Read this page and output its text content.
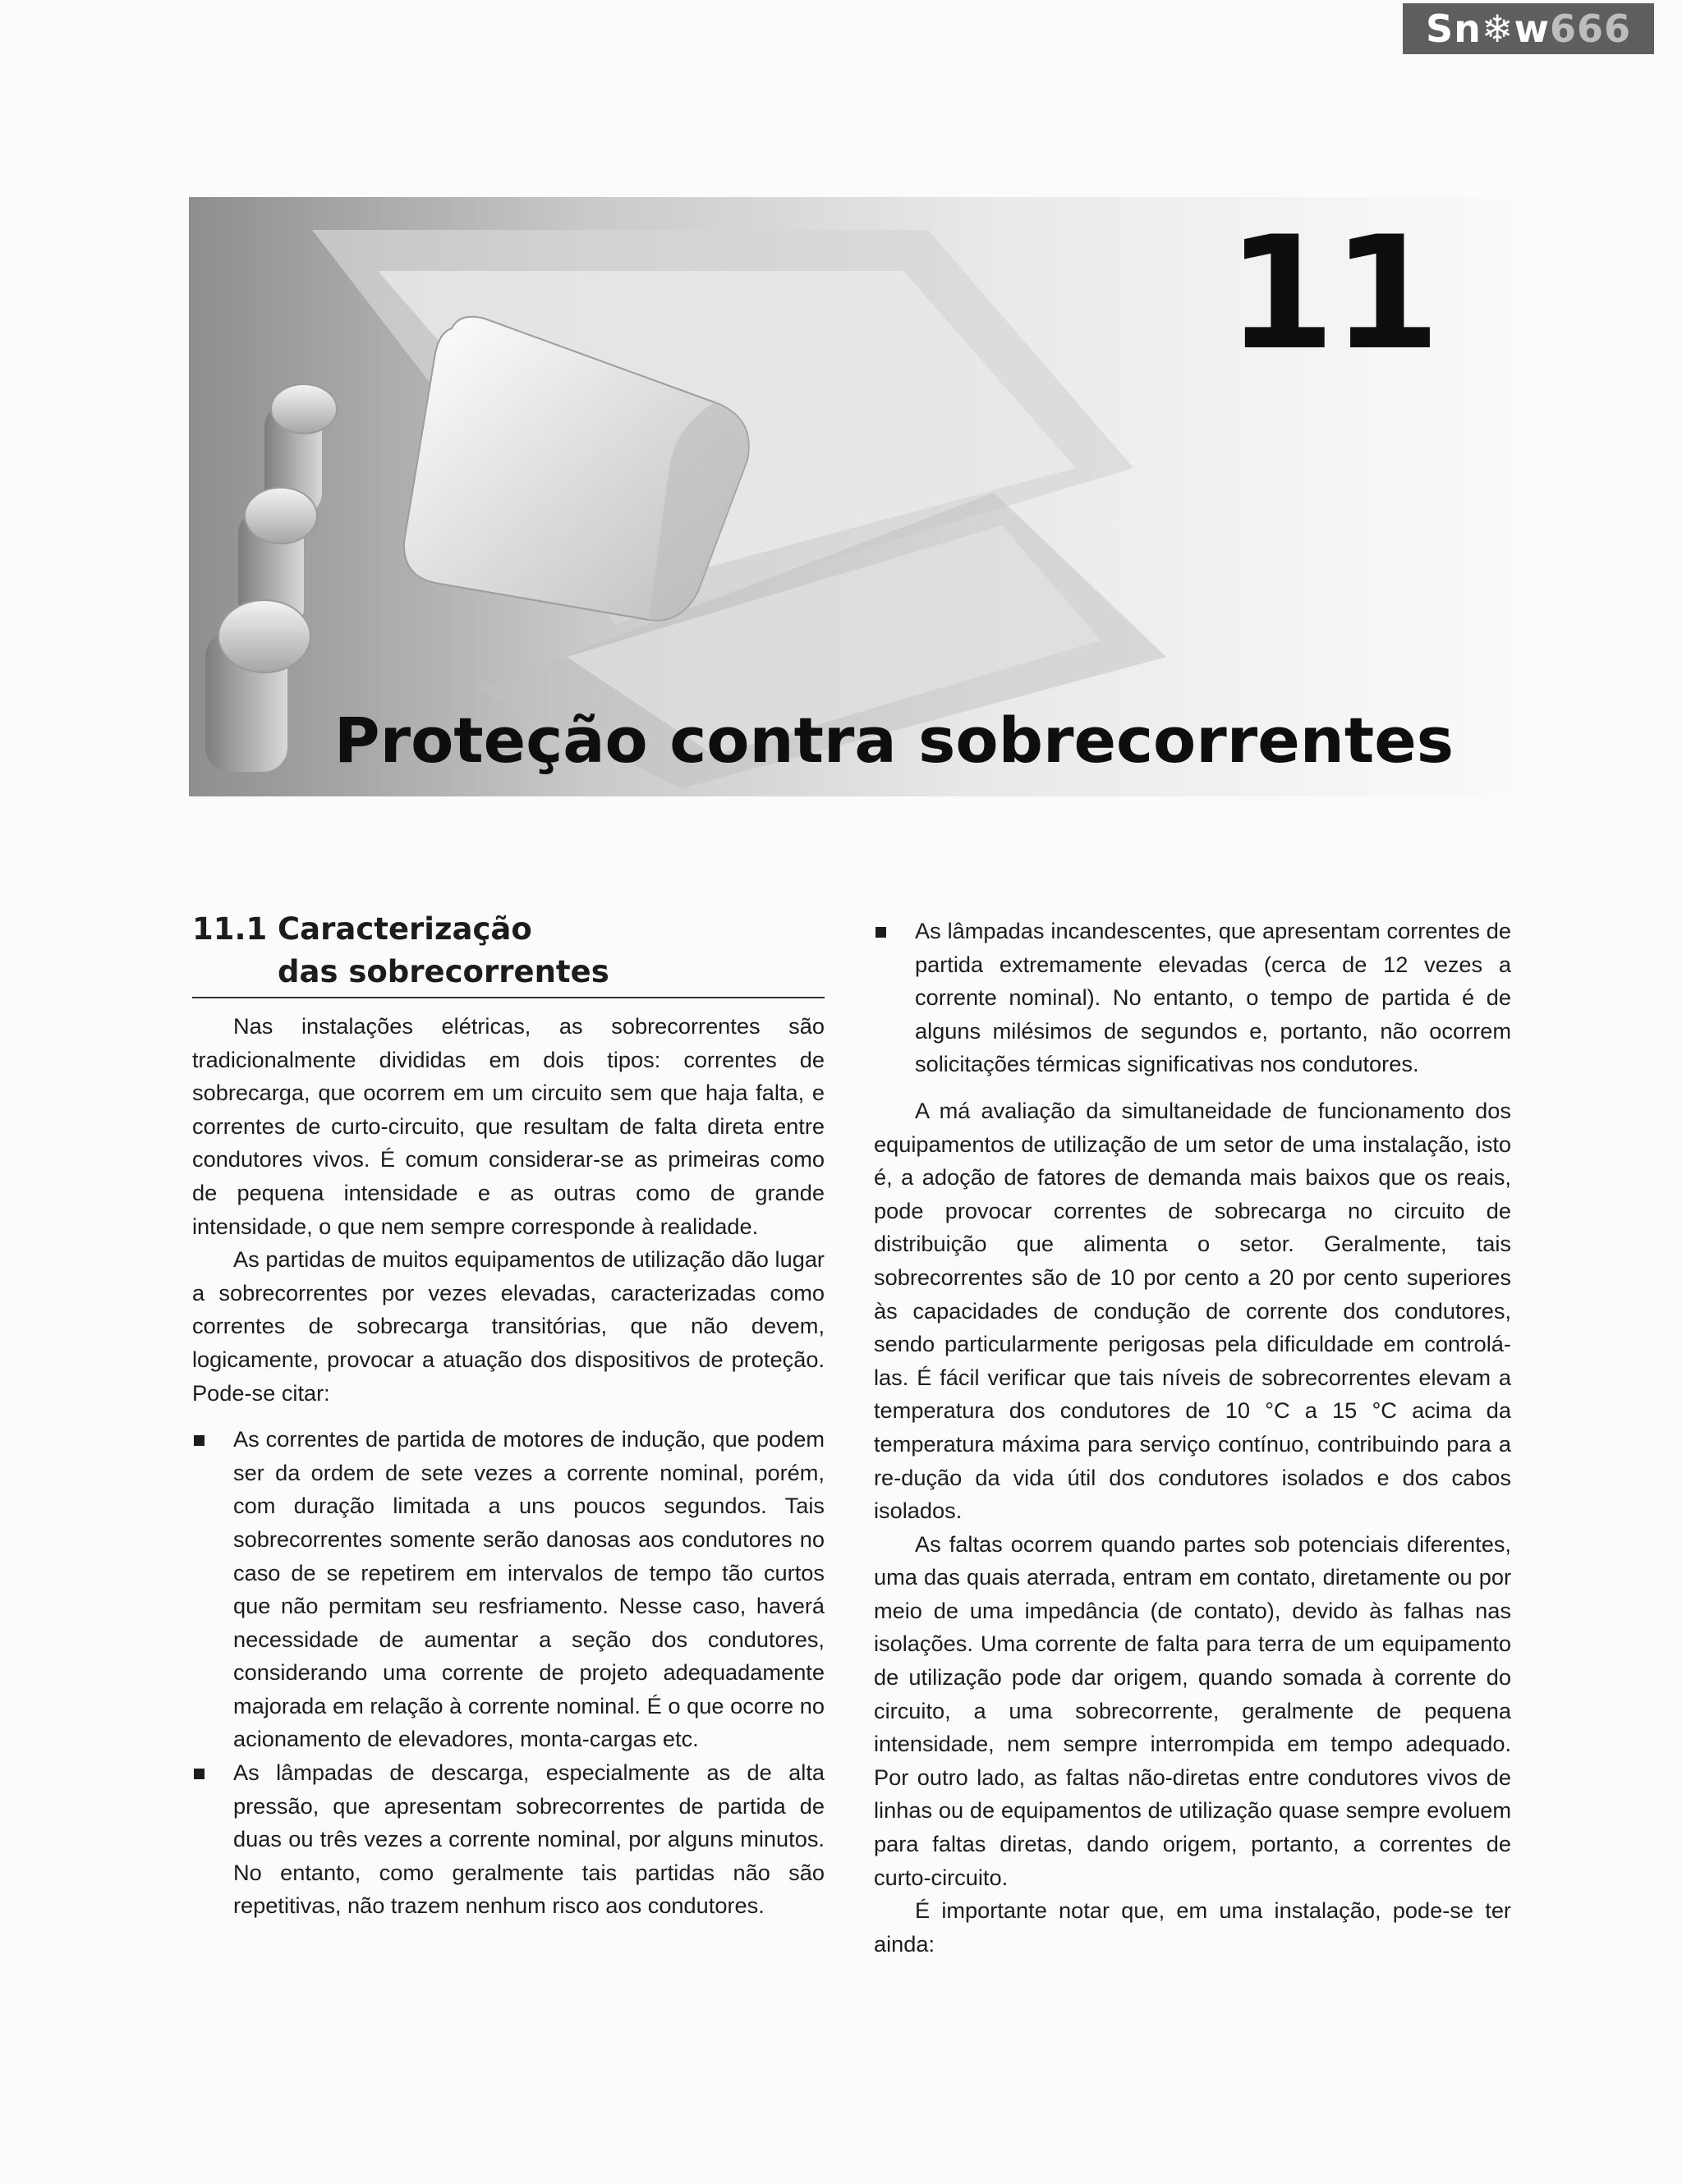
Sn❄w666
11
Proteção contra sobrecorrentes
11.1 Caracterização
das sobrecorrentes

Nas instalações elétricas, as sobrecorrentes são tradicionalmente divididas em dois tipos: correntes de sobrecarga, que ocorrem em um circuito sem que haja falta, e correntes de curto-circuito, que resultam de falta direta entre condutores vivos. É comum considerar-se as primeiras como de pequena intensidade e as outras como de grande intensidade, o que nem sempre corresponde à realidade.

As partidas de muitos equipamentos de utilização dão lugar a sobrecorrentes por vezes elevadas, caracterizadas como correntes de sobrecarga transitórias, que não devem, logicamente, provocar a atuação dos dispositivos de proteção. Pode-se citar:

As correntes de partida de motores de indução, que podem ser da ordem de sete vezes a corrente nominal, porém, com duração limitada a uns poucos segundos. Tais sobrecorrentes somente serão danosas aos condutores no caso de se repetirem em intervalos de tempo tão curtos que não permitam seu resfriamento. Nesse caso, haverá necessidade de aumentar a seção dos condutores, considerando uma corrente de projeto adequadamente majorada em relação à corrente nominal. É o que ocorre no acionamento de elevadores, monta-cargas etc.
As lâmpadas de descarga, especialmente as de alta pressão, que apresentam sobrecorrentes de partida de duas ou três vezes a corrente nominal, por alguns minutos. No entanto, como geralmente tais partidas não são repetitivas, não trazem nenhum risco aos condutores.
As lâmpadas incandescentes, que apresentam correntes de partida extremamente elevadas (cerca de 12 vezes a corrente nominal). No entanto, o tempo de partida é de alguns milésimos de segundos e, portanto, não ocorrem solicitações térmicas significativas nos condutores.

A má avaliação da simultaneidade de funcionamento dos equipamentos de utilização de um setor de uma instalação, isto é, a adoção de fatores de demanda mais baixos que os reais, pode provocar correntes de sobrecarga no circuito de distribuição que alimenta o setor. Geralmente, tais sobrecorrentes são de 10 por cento a 20 por cento superiores às capacidades de condução de corrente dos condutores, sendo particularmente perigosas pela dificuldade em controlá-las. É fácil verificar que tais níveis de sobrecorrentes elevam a temperatura dos condutores de 10 °C a 15 °C acima da temperatura máxima para serviço contínuo, contribuindo para a re-dução da vida útil dos condutores isolados e dos cabos isolados.

As faltas ocorrem quando partes sob potenciais diferentes, uma das quais aterrada, entram em contato, diretamente ou por meio de uma impedância (de contato), devido às falhas nas isolações. Uma corrente de falta para terra de um equipamento de utilização pode dar origem, quando somada à corrente do circuito, a uma sobrecorrente, geralmente de pequena intensidade, nem sempre interrompida em tempo adequado. Por outro lado, as faltas não-diretas entre condutores vivos de linhas ou de equipamentos de utilização quase sempre evoluem para faltas diretas, dando origem, portanto, a correntes de curto-circuito.

É importante notar que, em uma instalação, pode-se ter ainda:
